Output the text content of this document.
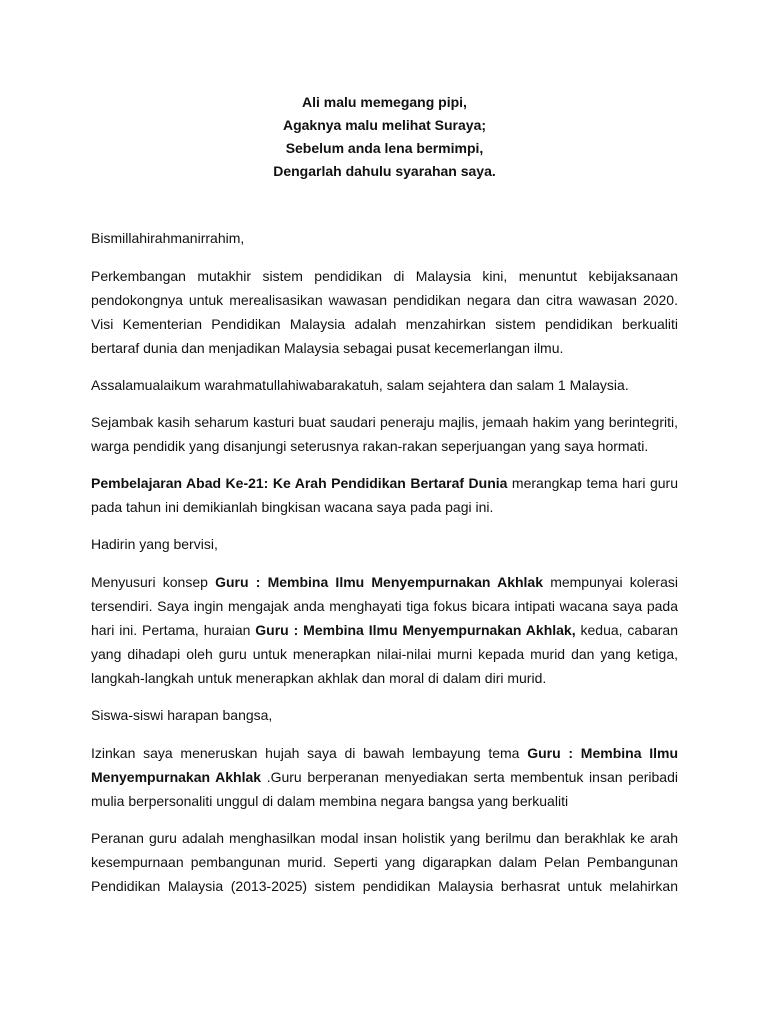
Ali malu memegang pipi,
Agaknya malu melihat Suraya;
Sebelum anda lena bermimpi,
Dengarlah dahulu syarahan saya.

Bismillahirahmanirrahim,

Perkembangan mutakhir sistem pendidikan di Malaysia kini, menuntut kebijaksanaan pendokongnya untuk merealisasikan wawasan pendidikan negara dan citra wawasan 2020. Visi Kementerian Pendidikan Malaysia adalah menzahirkan sistem pendidikan berkualiti bertaraf dunia dan menjadikan Malaysia sebagai pusat kecemerlangan ilmu.

Assalamualaikum warahmatullahiwabarakatuh, salam sejahtera dan salam 1 Malaysia.

Sejambak kasih seharum kasturi buat saudari peneraju majlis, jemaah hakim yang berintegriti, warga pendidik yang disanjungi seterusnya rakan-rakan seperjuangan yang saya hormati.

Pembelajaran Abad Ke-21: Ke Arah Pendidikan Bertaraf Dunia merangkap tema hari guru pada tahun ini demikianlah bingkisan wacana saya pada pagi ini.

Hadirin yang bervisi,

Menyusuri konsep Guru : Membina Ilmu Menyempurnakan Akhlak mempunyai kolerasi tersendiri. Saya ingin mengajak anda menghayati tiga fokus bicara intipati wacana saya pada hari ini. Pertama, huraian Guru : Membina Ilmu Menyempurnakan Akhlak, kedua, cabaran yang dihadapi oleh guru untuk menerapkan nilai-nilai murni kepada murid dan yang ketiga, langkah-langkah untuk menerapkan akhlak dan moral di dalam diri murid.

Siswa-siswi harapan bangsa,

Izinkan saya meneruskan hujah saya di bawah lembayung tema Guru : Membina Ilmu Menyempurnakan Akhlak .Guru berperanan menyediakan serta membentuk insan peribadi mulia berpersonaliti unggul di dalam membina negara bangsa yang berkualiti

Peranan guru adalah menghasilkan modal insan holistik yang berilmu dan berakhlak ke arah kesempurnaan pembangunan murid. Seperti yang digarapkan dalam Pelan Pembangunan Pendidikan Malaysia (2013-2025) sistem pendidikan Malaysia berhasrat untuk melahirkan
